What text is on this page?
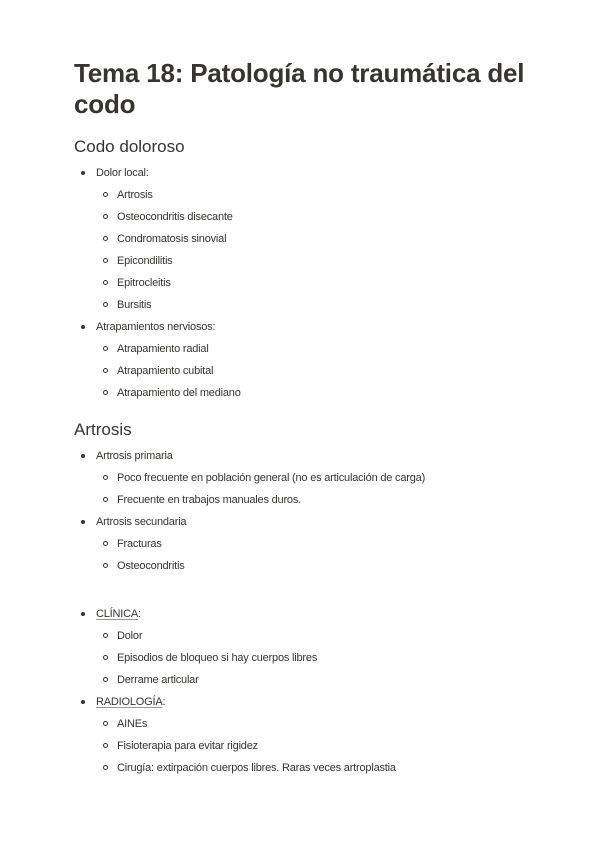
Tema 18: Patología no traumática del codo
Codo doloroso
Dolor local:
Artrosis
Osteocondritis disecante
Condromatosis sinovial
Epicondilitis
Epitrocleitis
Bursitis
Atrapamientos nerviosos:
Atrapamiento radial
Atrapamiento cubital
Atrapamiento del mediano
Artrosis
Artrosis primaria
Poco frecuente en población general (no es articulación de carga)
Frecuente en trabajos manuales duros.
Artrosis secundaria
Fracturas
Osteocondritis
CLÍNICA:
Dolor
Episodios de bloqueo si hay cuerpos libres
Derrame articular
RADIOLOGÍA:
AINEs
Fisioterapia para evitar rigidez
Cirugía: extirpación cuerpos libres. Raras veces artroplastia
